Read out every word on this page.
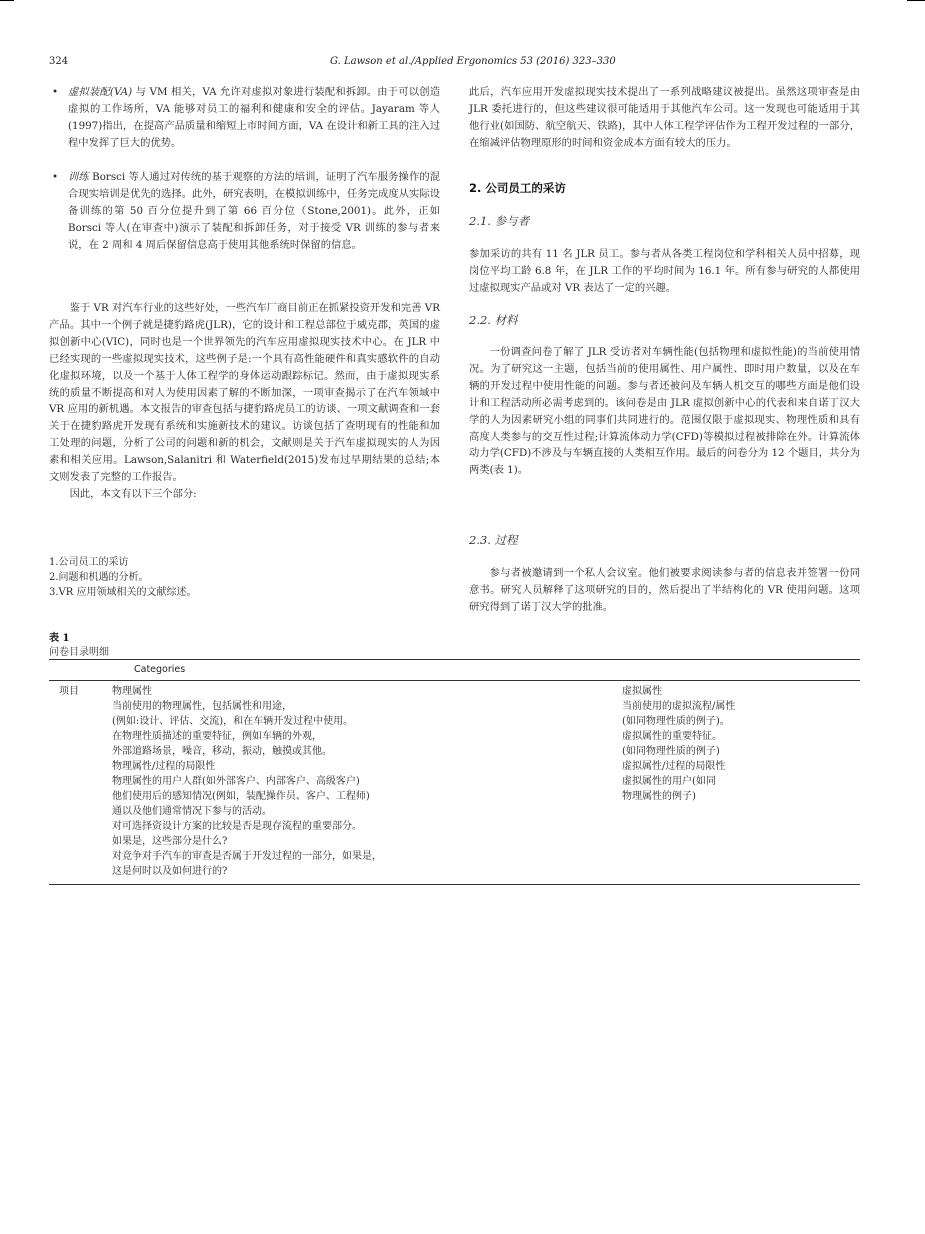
324	G. Lawson et al./Applied Ergonomics 53 (2016) 323–330
• 虚拟装配(VA) 与 VM 相关，VA 允许对虚拟对象进行装配和拆卸。由于可以创造虚拟的工作场所，VA 能够对员工的福利和健康和安全的评估。Jayaram 等人(1997)指出，在提高产品质量和缩短上市时间方面，VA 在设计和新工具的注入过程中发挥了巨大的优势。
• 训练 Borsci 等人通过对传统的基于观察的方法的培训，证明了汽车服务操作的混合现实培训是优先的选择。此外，研究表明，在模拟训练中，任务完成度从实际设备训练的第 50 百分位提升到了第 66 百分位（Stone,2001)。此外，正如 Borsci 等人(在审查中)演示了装配和拆卸任务，对于接受 VR 训练的参与者来说，在 2 周和 4 周后保留信息高于使用其他系统时保留的信息。

鉴于 VR 对汽车行业的这些好处，一些汽车厂商目前正在抓紧投资开发和完善 VR 产品。其中一个例子就是捷豹路虎(JLR)，它的设计和工程总部位于威克郡，英国的虚拟创新中心(VIC)，同时也是一个世界领先的汽车应用虚拟现实技术中心。在 JLR 中已经实现的一些虚拟现实技术，这些例子是:一个具有高性能硬件和真实感软件的自动化虚拟环境，以及一个基于人体工程学的身体运动跟踪标记。然而，由于虚拟现实系统的质量不断提高和对人为使用因素了解的不断加深，一项审查揭示了在汽车领域中 VR 应用的新机遇。本文报告的审查包括与捷豹路虎员工的访谈、一项文献调查和一套关于在捷豹路虎开发现有系统和实施新技术的建议。访谈包括了查明现有的性能和加工处理的问题，分析了公司的问题和新的机会，文献则是关于汽车虚拟现实的人为因素和相关应用。Lawson,Salanitri 和 Waterfield(2015)发布过早期结果的总结;本文则发表了完整的工作报告。

因此，本文有以下三个部分:

1.公司员工的采访
2.问题和机遇的分析。
3.VR 应用领域相关的文献综述。

此后，汽车应用开发虚拟现实技术提出了一系列战略建议被提出。虽然这项审查是由 JLR 委托进行的，但这些建议很可能适用于其他汽车公司。这一发现也可能适用于其他行业(如国防、航空航天、铁路)，其中人体工程学评估作为工程开发过程的一部分，在缩减评估物理原形的时间和资金成本方面有较大的压力。

2. 公司员工的采访
2.1. 参与者

参加采访的共有 11 名 JLR 员工。参与者从各类工程岗位和学科相关人员中招募，现岗位平均工龄 6.8 年，在 JLR 工作的平均时间为 16.1 年。所有参与研究的人都使用过虚拟现实产品或对 VR 表达了一定的兴趣。

2.2. 材料

一份调查问卷了解了 JLR 受访者对车辆性能(包括物理和虚拟性能)的当前使用情况。为了研究这一主题，包括当前的使用属性、用户属性、即时用户数量，以及在车辆的开发过程中使用性能的问题。参与者还被问及车辆人机交互的哪些方面是他们设计和工程活动所必需考虑到的。该问卷是由 JLR 虚拟创新中心的代表和来自诺丁汉大学的人为因素研究小组的同事们共同进行的。范围仅限于虚拟现实、物理性质和具有高度人类参与的交互性过程;计算流体动力学(CFD)等模拟过程被排除在外。计算流体动力学(CFD)不涉及与车辆直接的人类相互作用。最后的问卷分为 12 个题目，共分为两类(表 1)。

2.3. 过程

参与者被邀请到一个私人会议室。他们被要求阅读参与者的信息表并签署一份同意书。研究人员解释了这项研究的目的，然后提出了半结构化的 VR 使用问题。这项研究得到了诺丁汉大学的批准。

表 1
问卷目录明细
Categories
项目	物理属性
当前使用的物理属性，包括属性和用途，
(例如:设计、评估、交流)，和在车辆开发过程中使用。
在物理性质描述的重要特征，例如车辆的外观，
外部道路场景，噪音，移动，振动，触摸或其他。
物理属性/过程的局限性
物理属性的用户人群(如外部客户、内部客户、高级客户)
他们使用后的感知情况(例如，装配操作员、客户、工程师)
通以及他们通常情况下参与的活动。
对可选择资设计方案的比较是否是现存流程的重要部分。
如果是，这些部分是什么?
对竞争对手汽车的审查是否属于开发过程的一部分，如果是，
这是何时以及如何进行的?
虚拟属性
当前使用的虚拟流程/属性
(如同物理性质的例子)。
虚拟属性的重要特征。
(如同物理性质的例子)
虚拟属性/过程的局限性
虚拟属性的用户(如同
物理属性的例子)
